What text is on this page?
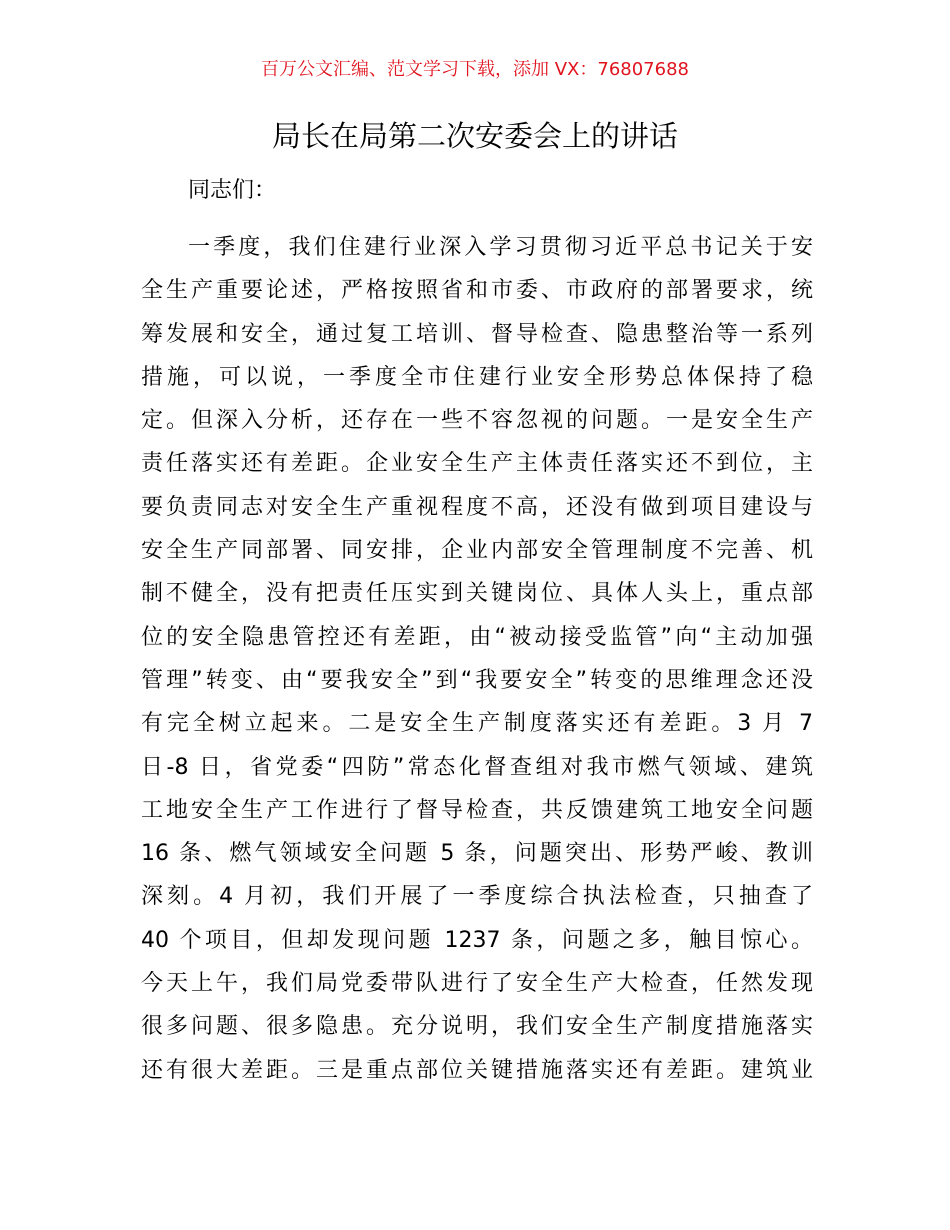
百万公文汇编、范文学习下载，添加 VX：76807688
局长在局第二次安委会上的讲话
同志们：
一季度，我们住建行业深入学习贯彻习近平总书记关于安
全生产重要论述，严格按照省和市委、市政府的部署要求，统
筹发展和安全，通过复工培训、督导检查、隐患整治等一系列
措施，可以说，一季度全市住建行业安全形势总体保持了稳
定。但深入分析，还存在一些不容忽视的问题。一是安全生产
责任落实还有差距。企业安全生产主体责任落实还不到位，主
要负责同志对安全生产重视程度不高，还没有做到项目建设与
安全生产同部署、同安排，企业内部安全管理制度不完善、机
制不健全，没有把责任压实到关键岗位、具体人头上，重点部
位的安全隐患管控还有差距，由“被动接受监管”向“主动加强
管理”转变、由“要我安全”到“我要安全”转变的思维理念还没
有完全树立起来。二是安全生产制度落实还有差距。3 月 7
日-8 日，省党委“四防”常态化督查组对我市燃气领域、建筑
工地安全生产工作进行了督导检查，共反馈建筑工地安全问题
16 条、燃气领域安全问题 5 条，问题突出、形势严峻、教训
深刻。4 月初，我们开展了一季度综合执法检查，只抽查了
40 个项目，但却发现问题 1237 条，问题之多，触目惊心。
今天上午，我们局党委带队进行了安全生产大检查，任然发现
很多问题、很多隐患。充分说明，我们安全生产制度措施落实
还有很大差距。三是重点部位关键措施落实还有差距。建筑业
